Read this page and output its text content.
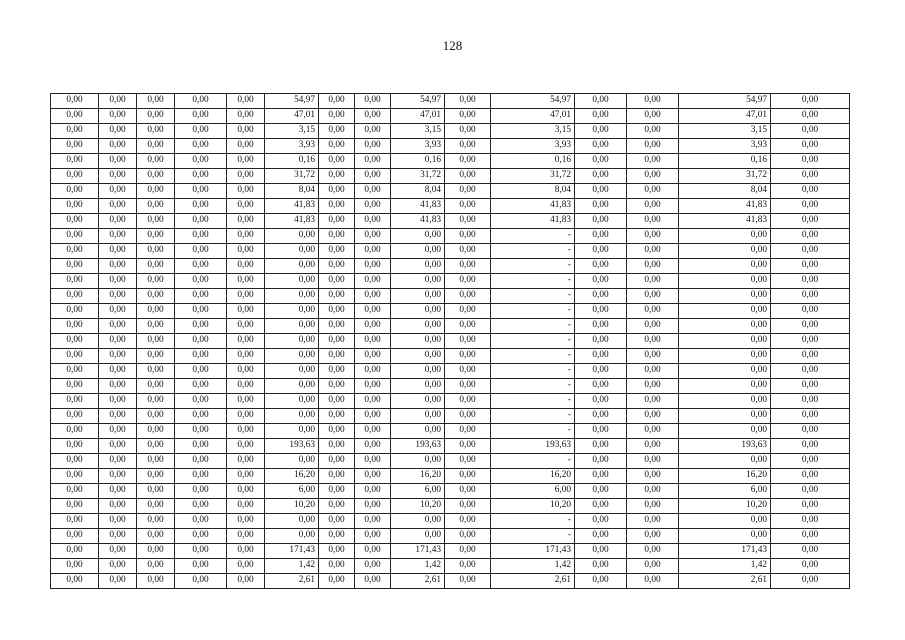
128
0,00	0,00	0,00	0,00	0,00	54,97	0,00	0,00	54,97	0,00	54,97	0,00	0,00	54,97	0,00
0,00	0,00	0,00	0,00	0,00	47,01	0,00	0,00	47,01	0,00	47,01	0,00	0,00	47,01	0,00
0,00	0,00	0,00	0,00	0,00	3,15	0,00	0,00	3,15	0,00	3,15	0,00	0,00	3,15	0,00
0,00	0,00	0,00	0,00	0,00	3,93	0,00	0,00	3,93	0,00	3,93	0,00	0,00	3,93	0,00
0,00	0,00	0,00	0,00	0,00	0,16	0,00	0,00	0,16	0,00	0,16	0,00	0,00	0,16	0,00
0,00	0,00	0,00	0,00	0,00	31,72	0,00	0,00	31,72	0,00	31,72	0,00	0,00	31,72	0,00
0,00	0,00	0,00	0,00	0,00	8,04	0,00	0,00	8,04	0,00	8,04	0,00	0,00	8,04	0,00
0,00	0,00	0,00	0,00	0,00	41,83	0,00	0,00	41,83	0,00	41,83	0,00	0,00	41,83	0,00
0,00	0,00	0,00	0,00	0,00	41,83	0,00	0,00	41,83	0,00	41,83	0,00	0,00	41,83	0,00
0,00	0,00	0,00	0,00	0,00	0,00	0,00	0,00	0,00	0,00	-	0,00	0,00	0,00	0,00
0,00	0,00	0,00	0,00	0,00	0,00	0,00	0,00	0,00	0,00	-	0,00	0,00	0,00	0,00
0,00	0,00	0,00	0,00	0,00	0,00	0,00	0,00	0,00	0,00	-	0,00	0,00	0,00	0,00
0,00	0,00	0,00	0,00	0,00	0,00	0,00	0,00	0,00	0,00	-	0,00	0,00	0,00	0,00
0,00	0,00	0,00	0,00	0,00	0,00	0,00	0,00	0,00	0,00	-	0,00	0,00	0,00	0,00
0,00	0,00	0,00	0,00	0,00	0,00	0,00	0,00	0,00	0,00	-	0,00	0,00	0,00	0,00
0,00	0,00	0,00	0,00	0,00	0,00	0,00	0,00	0,00	0,00	-	0,00	0,00	0,00	0,00
0,00	0,00	0,00	0,00	0,00	0,00	0,00	0,00	0,00	0,00	-	0,00	0,00	0,00	0,00
0,00	0,00	0,00	0,00	0,00	0,00	0,00	0,00	0,00	0,00	-	0,00	0,00	0,00	0,00
0,00	0,00	0,00	0,00	0,00	0,00	0,00	0,00	0,00	0,00	-	0,00	0,00	0,00	0,00
0,00	0,00	0,00	0,00	0,00	0,00	0,00	0,00	0,00	0,00	-	0,00	0,00	0,00	0,00
0,00	0,00	0,00	0,00	0,00	0,00	0,00	0,00	0,00	0,00	-	0,00	0,00	0,00	0,00
0,00	0,00	0,00	0,00	0,00	0,00	0,00	0,00	0,00	0,00	-	0,00	0,00	0,00	0,00
0,00	0,00	0,00	0,00	0,00	0,00	0,00	0,00	0,00	0,00	-	0,00	0,00	0,00	0,00
0,00	0,00	0,00	0,00	0,00	193,63	0,00	0,00	193,63	0,00	193,63	0,00	0,00	193,63	0,00
0,00	0,00	0,00	0,00	0,00	0,00	0,00	0,00	0,00	0,00	-	0,00	0,00	0,00	0,00
0,00	0,00	0,00	0,00	0,00	16,20	0,00	0,00	16,20	0,00	16,20	0,00	0,00	16,20	0,00
0,00	0,00	0,00	0,00	0,00	6,00	0,00	0,00	6,00	0,00	6,00	0,00	0,00	6,00	0,00
0,00	0,00	0,00	0,00	0,00	10,20	0,00	0,00	10,20	0,00	10,20	0,00	0,00	10,20	0,00
0,00	0,00	0,00	0,00	0,00	0,00	0,00	0,00	0,00	0,00	-	0,00	0,00	0,00	0,00
0,00	0,00	0,00	0,00	0,00	0,00	0,00	0,00	0,00	0,00	-	0,00	0,00	0,00	0,00
0,00	0,00	0,00	0,00	0,00	171,43	0,00	0,00	171,43	0,00	171,43	0,00	0,00	171,43	0,00
0,00	0,00	0,00	0,00	0,00	1,42	0,00	0,00	1,42	0,00	1,42	0,00	0,00	1,42	0,00
0,00	0,00	0,00	0,00	0,00	2,61	0,00	0,00	2,61	0,00	2,61	0,00	0,00	2,61	0,00
